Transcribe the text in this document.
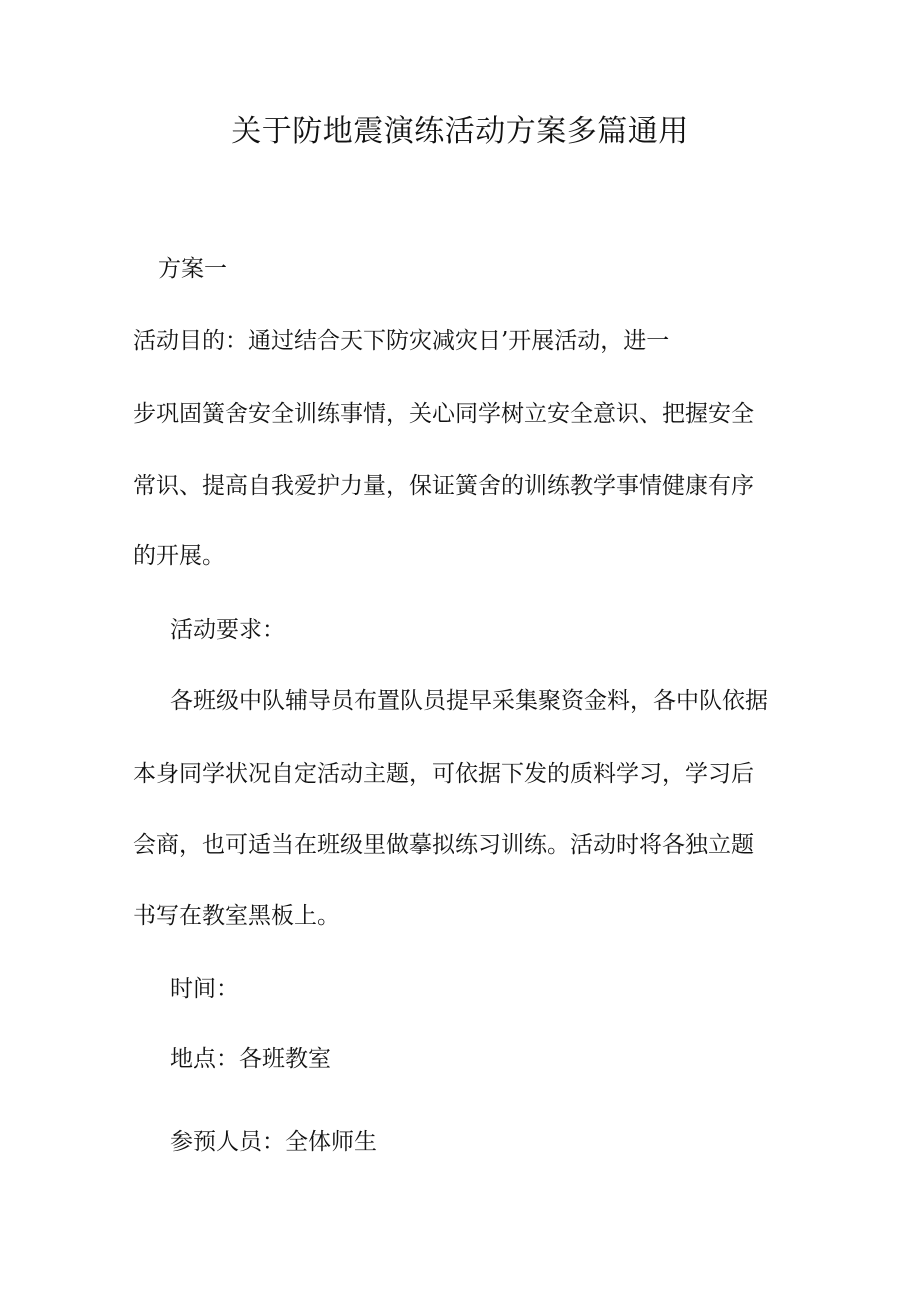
关于防地震演练活动方案多篇通用

方案一

活动目的：通过结合天下防灾减灾日’开展活动，进一

步巩固簧舍安全训练事情，关心同学树立安全意识、把握安全

常识、提高自我爱护力量，保证簧舍的训练教学事情健康有序

的开展。

活动要求：

各班级中队辅导员布置队员提早采集聚资金料，各中队依据

本身同学状况自定活动主题，可依据下发的质料学习，学习后

会商，也可适当在班级里做摹拟练习训练。活动时将各独立题

书写在教室黑板上。

时间：

地点：各班教室

参预人员：全体师生
